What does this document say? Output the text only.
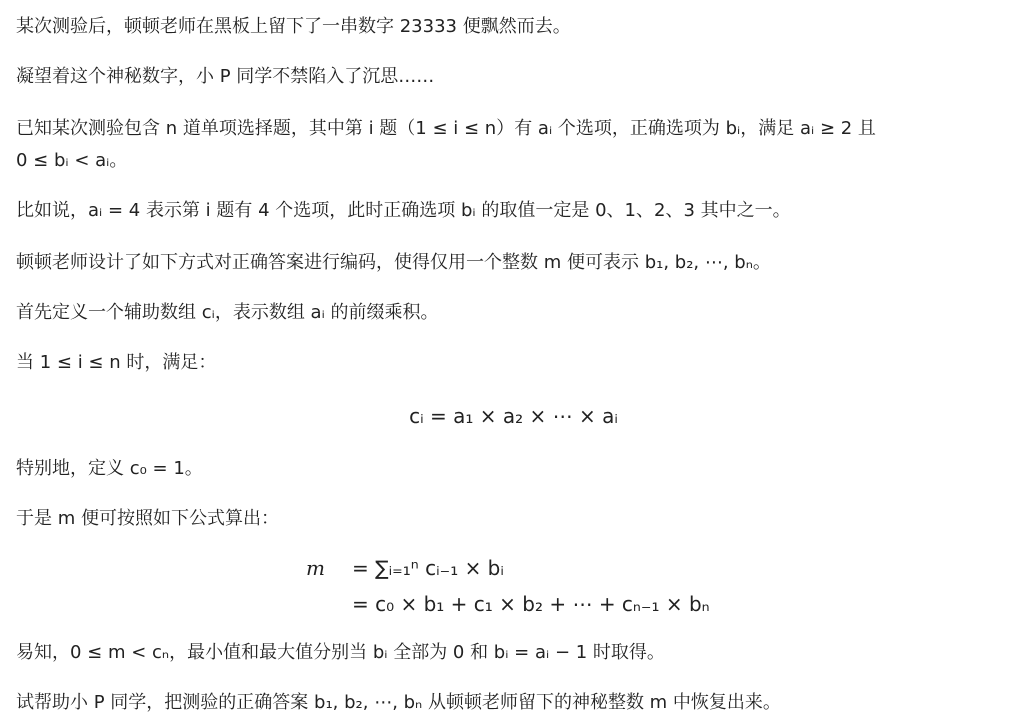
某次测验后，顿顿老师在黑板上留下了一串数字 23333 便飘然而去。
凝望着这个神秘数字，小 P 同学不禁陷入了沉思……
已知某次测验包含 n 道单项选择题，其中第 i 题（1 ≤ i ≤ n）有 aᵢ 个选项，正确选项为 bᵢ，满足 aᵢ ≥ 2 且
0 ≤ bᵢ < aᵢ。
比如说，aᵢ = 4 表示第 i 题有 4 个选项，此时正确选项 bᵢ 的取值一定是 0、1、2、3 其中之一。
顿顿老师设计了如下方式对正确答案进行编码，使得仅用一个整数 m 便可表示 b₁, b₂, ⋯, bₙ。
首先定义一个辅助数组 cᵢ，表示数组 aᵢ 的前缀乘积。
当 1 ≤ i ≤ n 时，满足：
cᵢ = a₁ × a₂ × ⋯ × aᵢ
特别地，定义 c₀ = 1。
于是 m 便可按照如下公式算出：
m = ∑ᵢ₌₁ⁿ cᵢ₋₁ × bᵢ
= c₀ × b₁ + c₁ × b₂ + ⋯ + cₙ₋₁ × bₙ
易知，0 ≤ m < cₙ，最小值和最大值分别当 bᵢ 全部为 0 和 bᵢ = aᵢ − 1 时取得。
试帮助小 P 同学，把测验的正确答案 b₁, b₂, ⋯, bₙ 从顿顿老师留下的神秘整数 m 中恢复出来。
